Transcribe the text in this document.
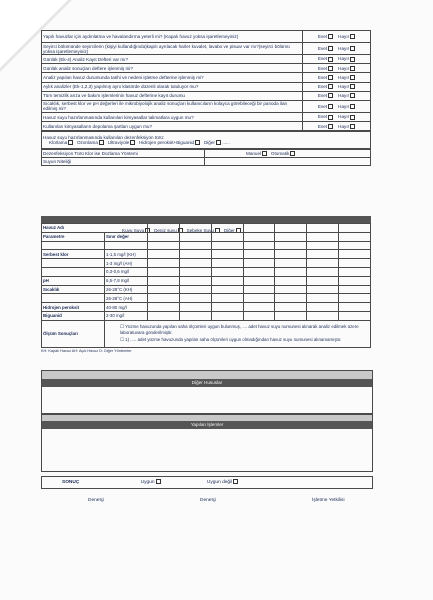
Yapılı havuzlar için aydınlatma ve havalandırma yeterli mi? (Kapalı havuz yoksa işaretlemeyiniz)	Evet Hayır
Seyirci bölümünde seyircilerin (kişiyi kullandığında)kapılı ayrılacak harler kuvalet, lavabo ve pisuar var mı?(seyirci bölümü yoksa işaretlemeyiniz)	Evet Hayır
Günlük (Ek-4) Analiz Kayıt Defteri var mı?	Evet Hayır
Günlük analiz sonuçları deftere işlenmiş mi?	Evet Hayır
Analiz yapılan havuz durumunda tarihi ve nedeni işletme defterine işlenmiş mi?	Evet Hayır
Aylık analizler (Ek-1,2,3) yapılmış aynı klasörde düzenli olarak tutuluyor mu?	Evet Hayır
Tüm temizlik arıza ve bakım işlemlerinin havuz defterine kayıt durumu	Evet Hayır
Sıcaklık, serbest klor ve pH değerleri ile mikrobiyolojik analiz sonuçları kullanıcıların kolayca görebileceği bir panoda ilan edilmiş mi?	Evet Hayır
Havuz suyu hazırlanmasında kullanılan kimyasallar talimatlara uygun mu?	Evet Hayır
Kullanılan kimyasalların depolama şartları uygun mu?	Evet Hayır
Havuz suyu hazırlanmasında kullanılan dezenfeksiyon türü:
Klorlama Ozonlama Ultraviyole Hidrojen peroksit+Biguanid Diğer ......
Dezenfeksiyon Türü Klor ise Dozlama Yöntemi	Manuel Otomatik
Suyun Niteliği	
Kuyu Suyu Deniz suyu Şebeke Suyu Diğer
Havuz Adı								
Parametre	Sınır değer							

Serbest klor	1-1,5 mg/l (KH)							
	1-3 mg/l (AH)							
	0,3-0,6 mg/l							
pH	6,5-7,8 mg/l							
Sıcaklık	26-28°C (KH)							
	26-28°C (AH)							
Hidrojen peroksit	40-80 mg/l							
Biguanid	2-30 mg/l							
Ölçüm Sonuçları	☐ Yüzme havuzunda yapılan saha ölçümleri uygun bulunmuş, .... adet havuz suyu numunesi alınarak analiz edilmek üzere laboratuvara gönderilmiştir.
☐ 1) ..... adet yüzme havuzunda yapılan saha ölçümleri uygun olmadığından havuz suyu numunesi alınamamıştır.							
KH: Kapalı Havuz AH: Açık Havuz D: Diğer Yöntemler
Diğer Hususlar
Yapılan İşlemler
SONUÇ	Uygun	Uygun değil
Denetçi	Denetçi	İşletme Yetkilisi
